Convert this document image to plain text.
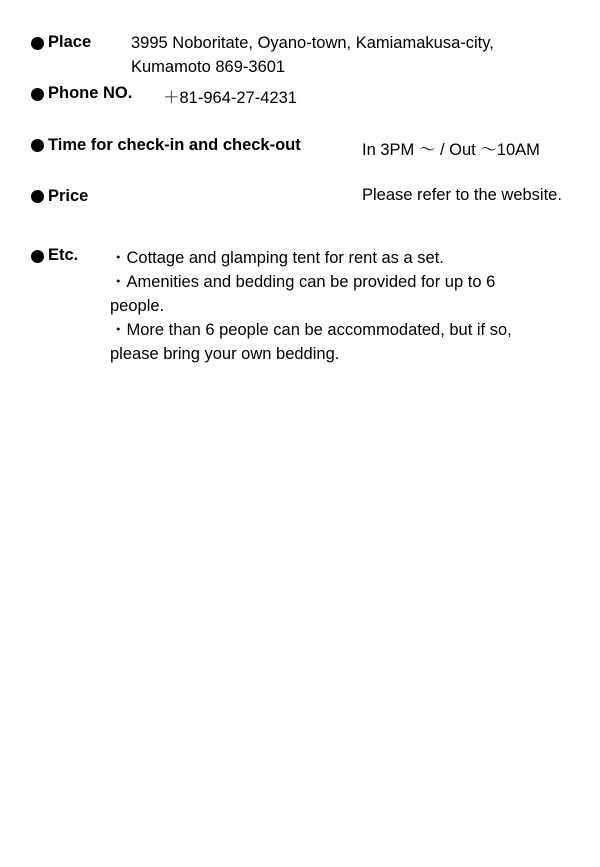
Place 3995 Noboritate, Oyano-town, Kamiamakusa-city,
Kumamoto 869-3601
Phone NO. ＋81-964-27-4231
Time for check-in and check-out	In 3PM ～ / Out ～10AM
Price	Please refer to the website.
Etc. ・Cottage and glamping tent for rent as a set.
・Amenities and bedding can be provided for up to 6
people.
・More than 6 people can be accommodated, but if so,
please bring your own bedding.
